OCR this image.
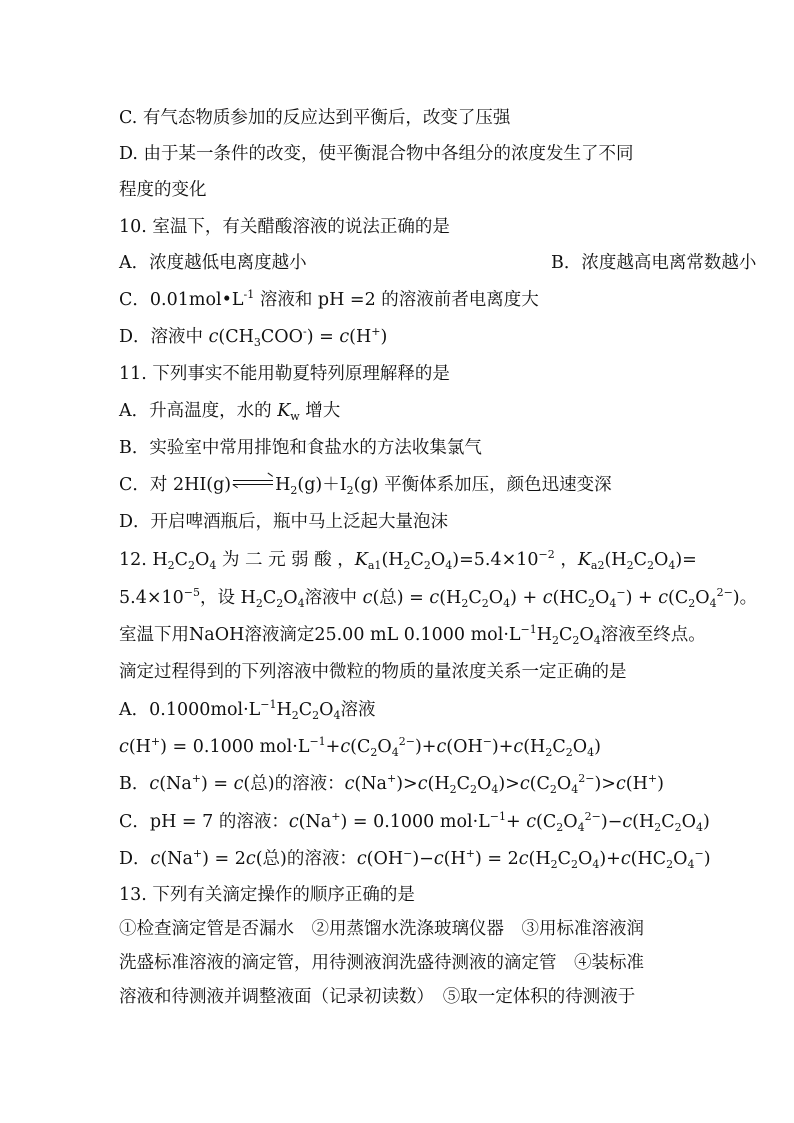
C. 有气态物质参加的反应达到平衡后，改变了压强
D. 由于某一条件的改变，使平衡混合物中各组分的浓度发生了不同
程度的变化
10. 室温下，有关醋酸溶液的说法正确的是
A．浓度越低电离度越小	B．浓度越高电离常数越小
C．$0.01mol•L^{-1}$ 溶液和 pH =2 的溶液前者电离度大
D．溶液中 $c(CH_3COO^-) = c(H^+)$
11. 下列事实不能用勒夏特列原理解释的是
A．升高温度，水的 $K_w$ 增大
B．实验室中常用排饱和食盐水的方法收集氯气
C．对 2HI(g)	$H_2(g)+I_2(g)$ 平衡体系加压，颜色迅速变深
D．开启啤酒瓶后，瓶中马上泛起大量泡沫
12. $H_2C_2O_4$ 为 二 元 弱 酸 ，$K_{a1}(H_2C_2O_4)=5.4\times 10^{-2}$ ，$K_{a2}(H_2C_2O_4)=$
$5.4\times 10^{-5}$，设 $H_2C_2O_4$溶液中 c(总) = $c(H_2C_2O_4) + c(HC_2O_4^-) + c(C_2O_4^{2-})$。
室温下用NaOH溶液滴定25.00 mL 0.1000 $mol\cdot L^{-1}H_2C_2O_4$溶液至终点。
滴定过程得到的下列溶液中微粒的物质的量浓度关系一定正确的是
A．$0.1000mol\cdot L^{-1}H_2C_2O_4$溶液
c(H+) = 0.1000 $mol\cdot L^{-1}+c(C_2O_4^{2-})+c(OH^-)+c(H_2C_2O_4)$
B．c(Na+) = c(总)的溶液：$c(Na^+)>c(H_2C_2O_4)>c(C_2O_4^{2-})>c(H^+)$
C．pH = 7 的溶液：c(Na+) = 0.1000 $mol\cdot L^{-1}+ c(C_2O_4^{2-})-c(H_2C_2O_4)$
D．c(Na+) = 2c(总)的溶液：$c(OH^-)-c(H^+) = 2c(H_2C_2O_4)+c(HC_2O_4^-)$
13. 下列有关滴定操作的顺序正确的是
①检查滴定管是否漏水　②用蒸馏水洗涤玻璃仪器　③用标准溶液润
洗盛标准溶液的滴定管，用待测液润洗盛待测液的滴定管　④装标准
溶液和待测液并调整液面（记录初读数）　⑤取一定体积的待测液于
